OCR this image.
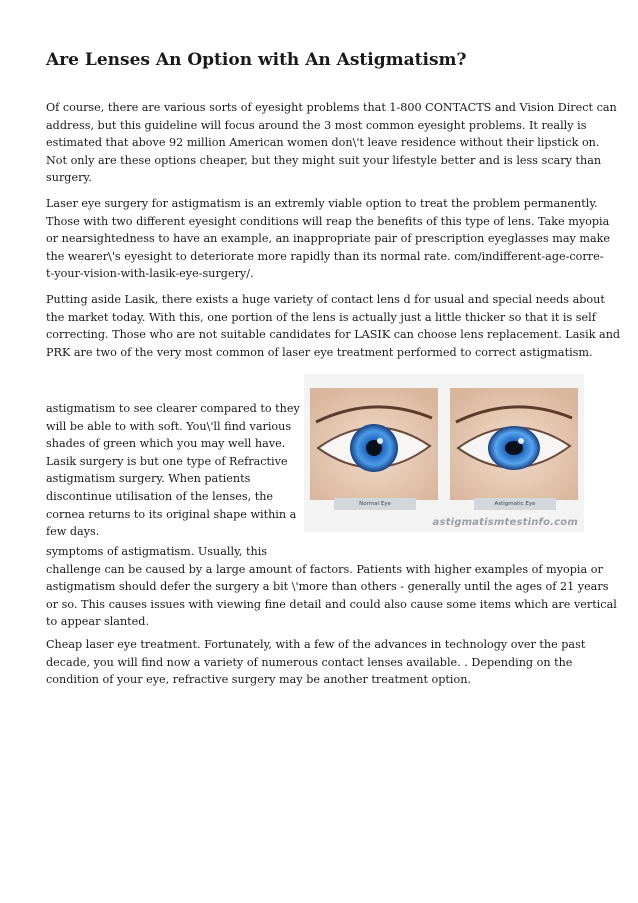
Are Lenses An Option with An Astigmatism?

Of course, there are various sorts of eyesight problems that 1-800 CONTACTS and Vision Direct can
address, but this guideline will focus around the 3 most common eyesight problems. It really is
estimated that above 92 million American women don\'t leave residence without their lipstick on.
Not only are these options cheaper, but they might suit your lifestyle better and is less scary than
surgery.

Laser eye surgery for astigmatism is an extremly viable option to treat the problem permanently.
Those with two different eyesight conditions will reap the benefits of this type of lens. Take myopia
or nearsightedness to have an example, an inappropriate pair of prescription eyeglasses may make
the wearer\'s eyesight to deteriorate more rapidly than its normal rate. com/indifferent-age-corre-
t-your-vision-with-lasik-eye-surgery/.

Putting aside Lasik, there exists a huge variety of contact lens d for usual and special needs about
the market today. With this, one portion of the lens is actually just a little thicker so that it is self
correcting. Those who are not suitable candidates for LASIK can choose lens replacement. Lasik and
PRK are two of the very most common of laser eye treatment performed to correct astigmatism.

astigmatism to see clearer compared to they
will be able to with soft. You\'ll find various
shades of green which you may well have.
Lasik surgery is but one type of Refractive
astigmatism surgery. When patients
discontinue utilisation of the lenses, the
cornea returns to its original shape within a
few days.

symptoms of astigmatism. Usually, this
challenge can be caused by a large amount of factors. Patients with higher examples of myopia or
astigmatism should defer the surgery a bit \'more than others - generally until the ages of 21 years
or so. This causes issues with viewing fine detail and could also cause some items which are vertical
to appear slanted.

Cheap laser eye treatment. Fortunately, with a few of the advances in technology over the past
decade, you will find now a variety of numerous contact lenses available. . Depending on the
condition of your eye, refractive surgery may be another treatment option.

Normal Eye	Astigmatic Eye
astigmatismtestinfo.com
